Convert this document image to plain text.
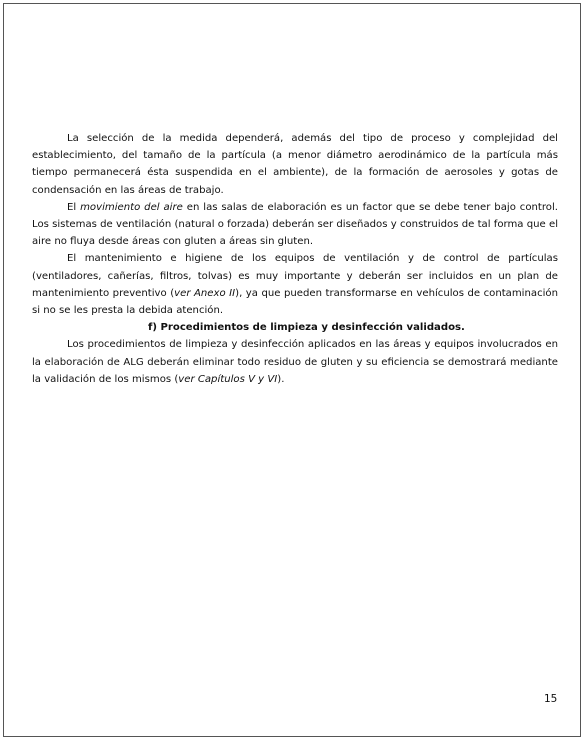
La selección de la medida dependerá, además del tipo de proceso y complejidad del establecimiento, del tamaño de la partícula (a menor diámetro aerodinámico de la partícula más tiempo permanecerá ésta suspendida en el ambiente), de la formación de aerosoles y gotas de condensación en las áreas de trabajo.

El movimiento del aire en las salas de elaboración es un factor que se debe tener bajo control. Los sistemas de ventilación (natural o forzada) deberán ser diseñados y construidos de tal forma que el aire no fluya desde áreas con gluten a áreas sin gluten.

El mantenimiento e higiene de los equipos de ventilación y de control de partículas (ventiladores, cañerías, filtros, tolvas) es muy importante y deberán ser incluidos en un plan de mantenimiento preventivo (ver Anexo II), ya que pueden transformarse en vehículos de contaminación si no se les presta la debida atención.

f) Procedimientos de limpieza y desinfección validados.

Los procedimientos de limpieza y desinfección aplicados en las áreas y equipos involucrados en la elaboración de ALG deberán eliminar todo residuo de gluten y su eficiencia se demostrará mediante la validación de los mismos (ver Capítulos V y VI).

15
